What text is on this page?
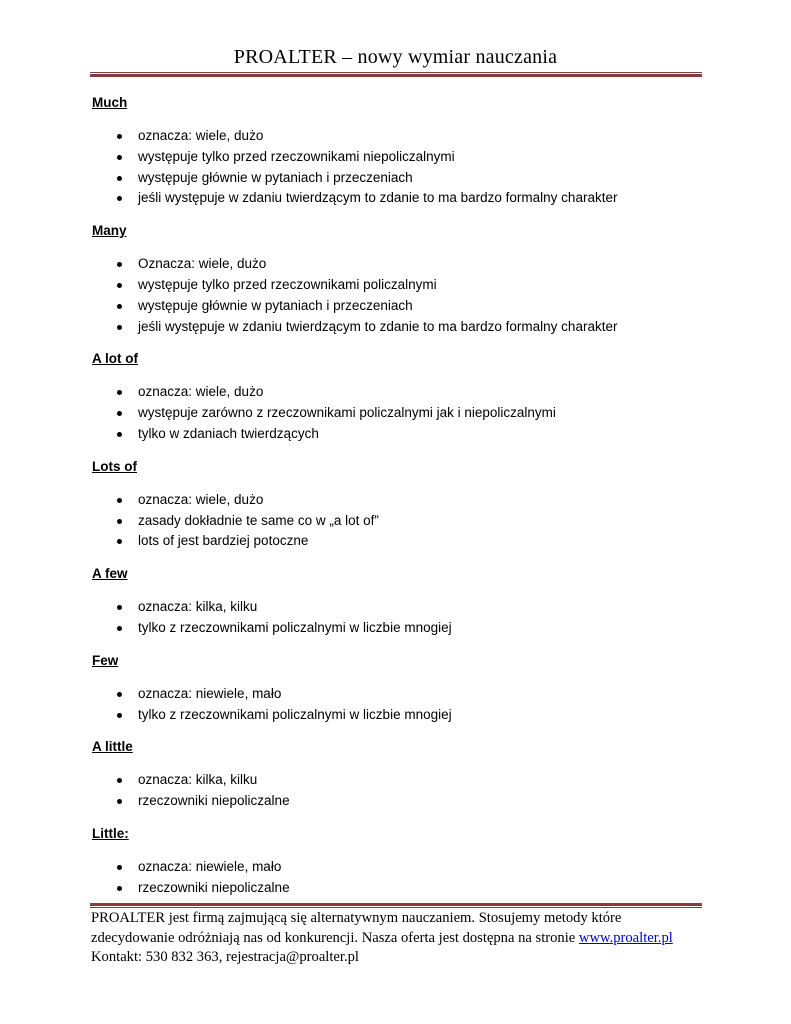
PROALTER – nowy wymiar nauczania
Much
oznacza: wiele, dużo
występuje tylko przed rzeczownikami niepoliczalnymi
występuje głównie w pytaniach i przeczeniach
jeśli występuje w zdaniu twierdzącym to zdanie to ma bardzo formalny charakter
Many
Oznacza: wiele, dużo
występuje tylko przed rzeczownikami policzalnymi
występuje głównie w pytaniach i przeczeniach
jeśli występuje w zdaniu twierdzącym to zdanie to ma bardzo formalny charakter
A lot of
oznacza: wiele, dużo
występuje zarówno z rzeczownikami policzalnymi jak i niepoliczalnymi
tylko w zdaniach twierdzących
Lots of
oznacza: wiele, dużo
zasady dokładnie te same co w „a lot of”
lots of jest bardziej potoczne
A few
oznacza: kilka, kilku
tylko z rzeczownikami policzalnymi w liczbie mnogiej
Few
oznacza: niewiele, mało
tylko z rzeczownikami policzalnymi w liczbie mnogiej
A little
oznacza: kilka, kilku
rzeczowniki niepoliczalne
Little:
oznacza: niewiele, mało
rzeczowniki niepoliczalne
PROALTER jest firmą zajmującą się alternatywnym nauczaniem. Stosujemy metody które
zdecydowanie odróżniają nas od konkurencji. Nasza oferta jest dostępna na stronie www.proalter.pl
Kontakt: 530 832 363, rejestracja@proalter.pl
